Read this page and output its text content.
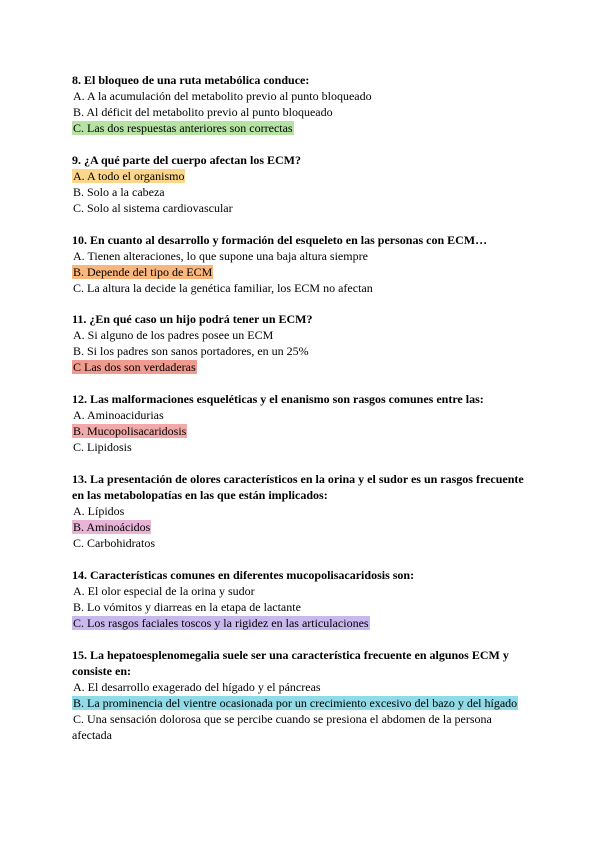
8. El bloqueo de una ruta metabólica conduce:

A. A la acumulación del metabolito previo al punto bloqueado

B. Al déficit del metabolito previo al punto bloqueado

C. Las dos respuestas anteriores son correctas

9. ¿A qué parte del cuerpo afectan los ECM?

A. A todo el organismo

B. Solo a la cabeza

C. Solo al sistema cardiovascular

10. En cuanto al desarrollo y formación del esqueleto en las personas con ECM…

A. Tienen alteraciones, lo que supone una baja altura siempre

B. Depende del tipo de ECM

C. La altura la decide la genética familiar, los ECM no afectan

11. ¿En qué caso un hijo podrá tener un ECM?

A. Si alguno de los padres posee un ECM

B. Si los padres son sanos portadores, en un 25%

C Las dos son verdaderas

12. Las malformaciones esqueléticas y el enanismo son rasgos comunes entre las:

A. Aminoacidurias

B. Mucopolisacaridosis

C. Lipidosis

13. La presentación de olores característicos en la orina y el sudor es un rasgos frecuente en las metabolopatías en las que están implicados:

A. Lípidos

B. Aminoácidos

C. Carbohidratos

14. Características comunes en diferentes mucopolisacaridosis son:

A. El olor especial de la orina y sudor

B. Lo vómitos y diarreas en la etapa de lactante

C. Los rasgos faciales toscos y la rigidez en las articulaciones

15. La hepatoesplenomegalia suele ser una característica frecuente en algunos ECM y consiste en:

A. El desarrollo exagerado del hígado y el páncreas

B. La prominencia del vientre ocasionada por un crecimiento excesivo del bazo y del hígado

C. Una sensación dolorosa que se percibe cuando se presiona el abdomen de la persona afectada
